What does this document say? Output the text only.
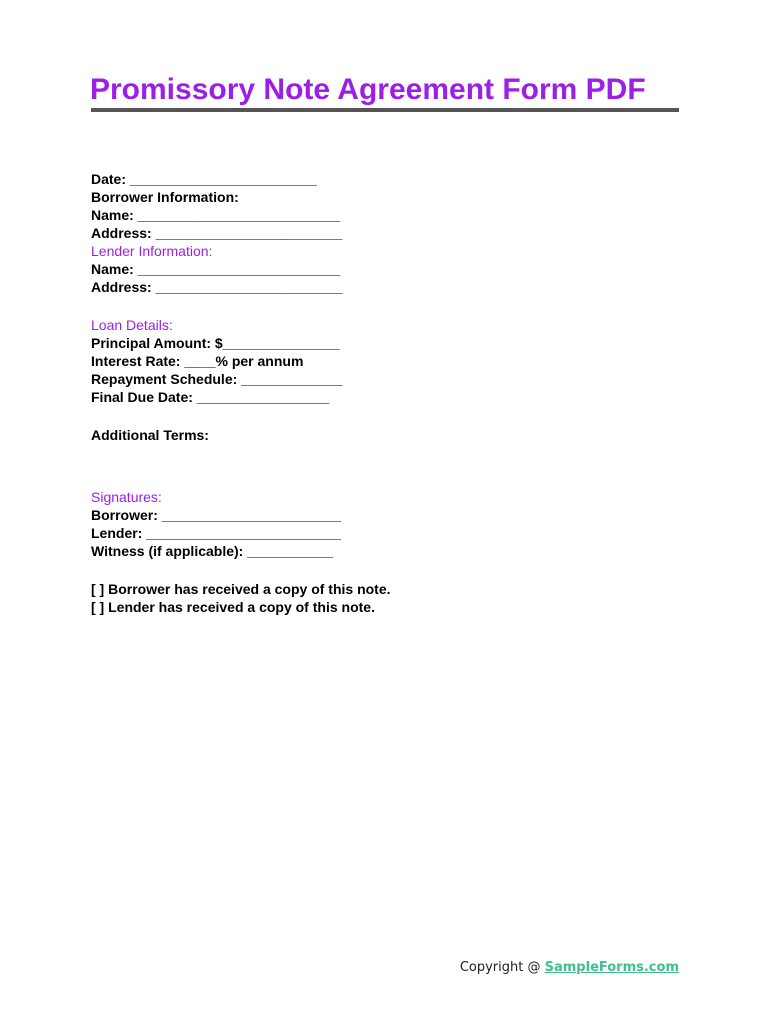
Promissory Note Agreement Form PDF
Date: ________________________
Borrower Information:
Name: __________________________
Address: ________________________
Lender Information:
Name: __________________________
Address: ________________________
Loan Details:
Principal Amount: $_______________
Interest Rate: ____% per annum
Repayment Schedule: _____________
Final Due Date: _________________
Additional Terms:
Signatures:
Borrower: _______________________
Lender: _________________________
Witness (if applicable): ___________
[ ] Borrower has received a copy of this note.
[ ] Lender has received a copy of this note.
Copyright @ SampleForms.com
